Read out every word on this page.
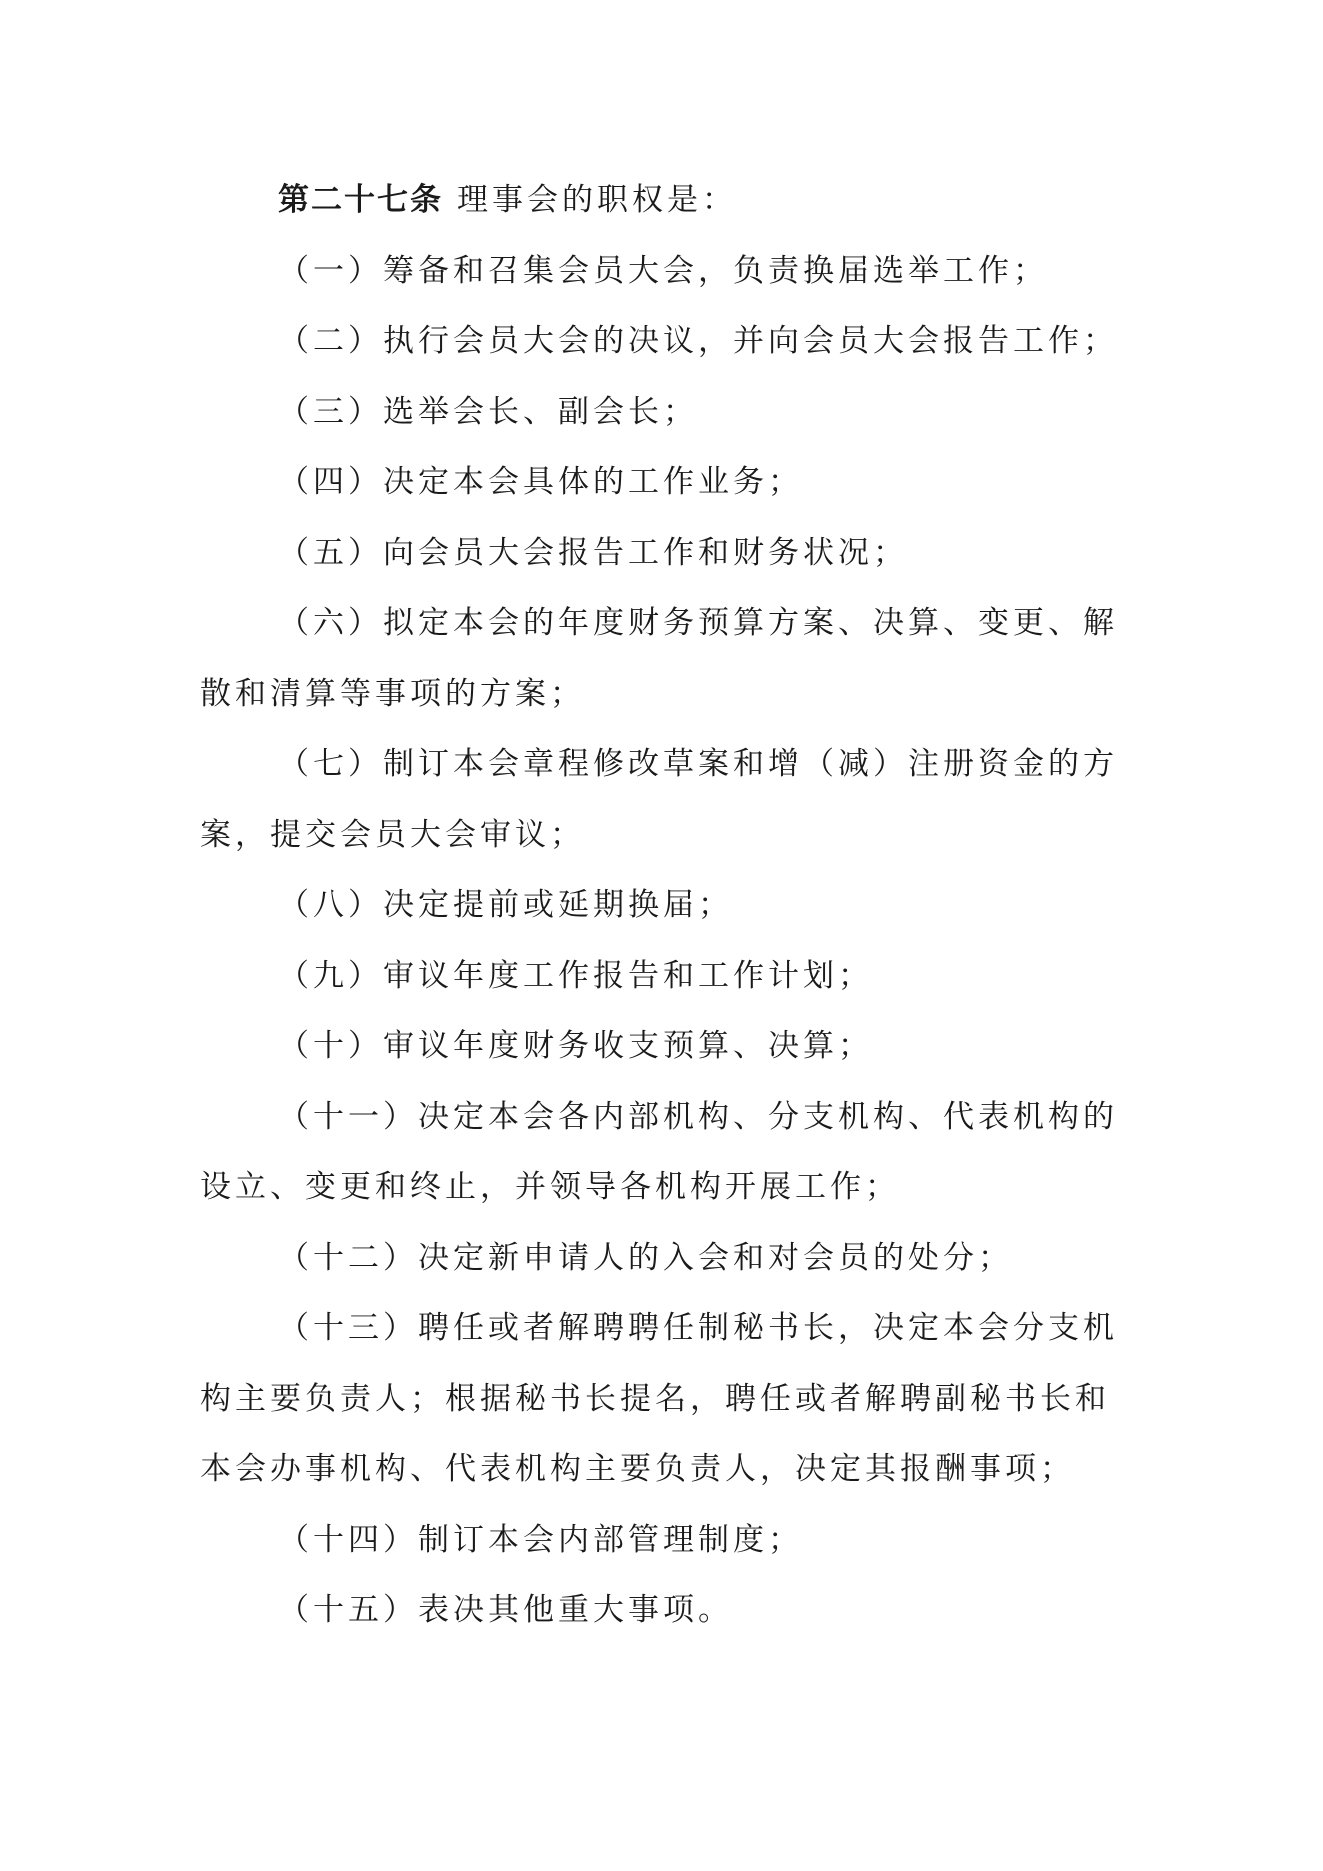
第二十七条 理事会的职权是：

（一）筹备和召集会员大会，负责换届选举工作；

（二）执行会员大会的决议，并向会员大会报告工作；

（三）选举会长、副会长；

（四）决定本会具体的工作业务；

（五）向会员大会报告工作和财务状况；

（六）拟定本会的年度财务预算方案、决算、变更、解散和清算等事项的方案；

（七）制订本会章程修改草案和增（减）注册资金的方案，提交会员大会审议；

（八）决定提前或延期换届；

（九）审议年度工作报告和工作计划；

（十）审议年度财务收支预算、决算；

（十一）决定本会各内部机构、分支机构、代表机构的设立、变更和终止，并领导各机构开展工作；

（十二）决定新申请人的入会和对会员的处分；

（十三）聘任或者解聘聘任制秘书长，决定本会分支机构主要负责人；根据秘书长提名，聘任或者解聘副秘书长和本会办事机构、代表机构主要负责人，决定其报酬事项；

（十四）制订本会内部管理制度；

（十五）表决其他重大事项。
